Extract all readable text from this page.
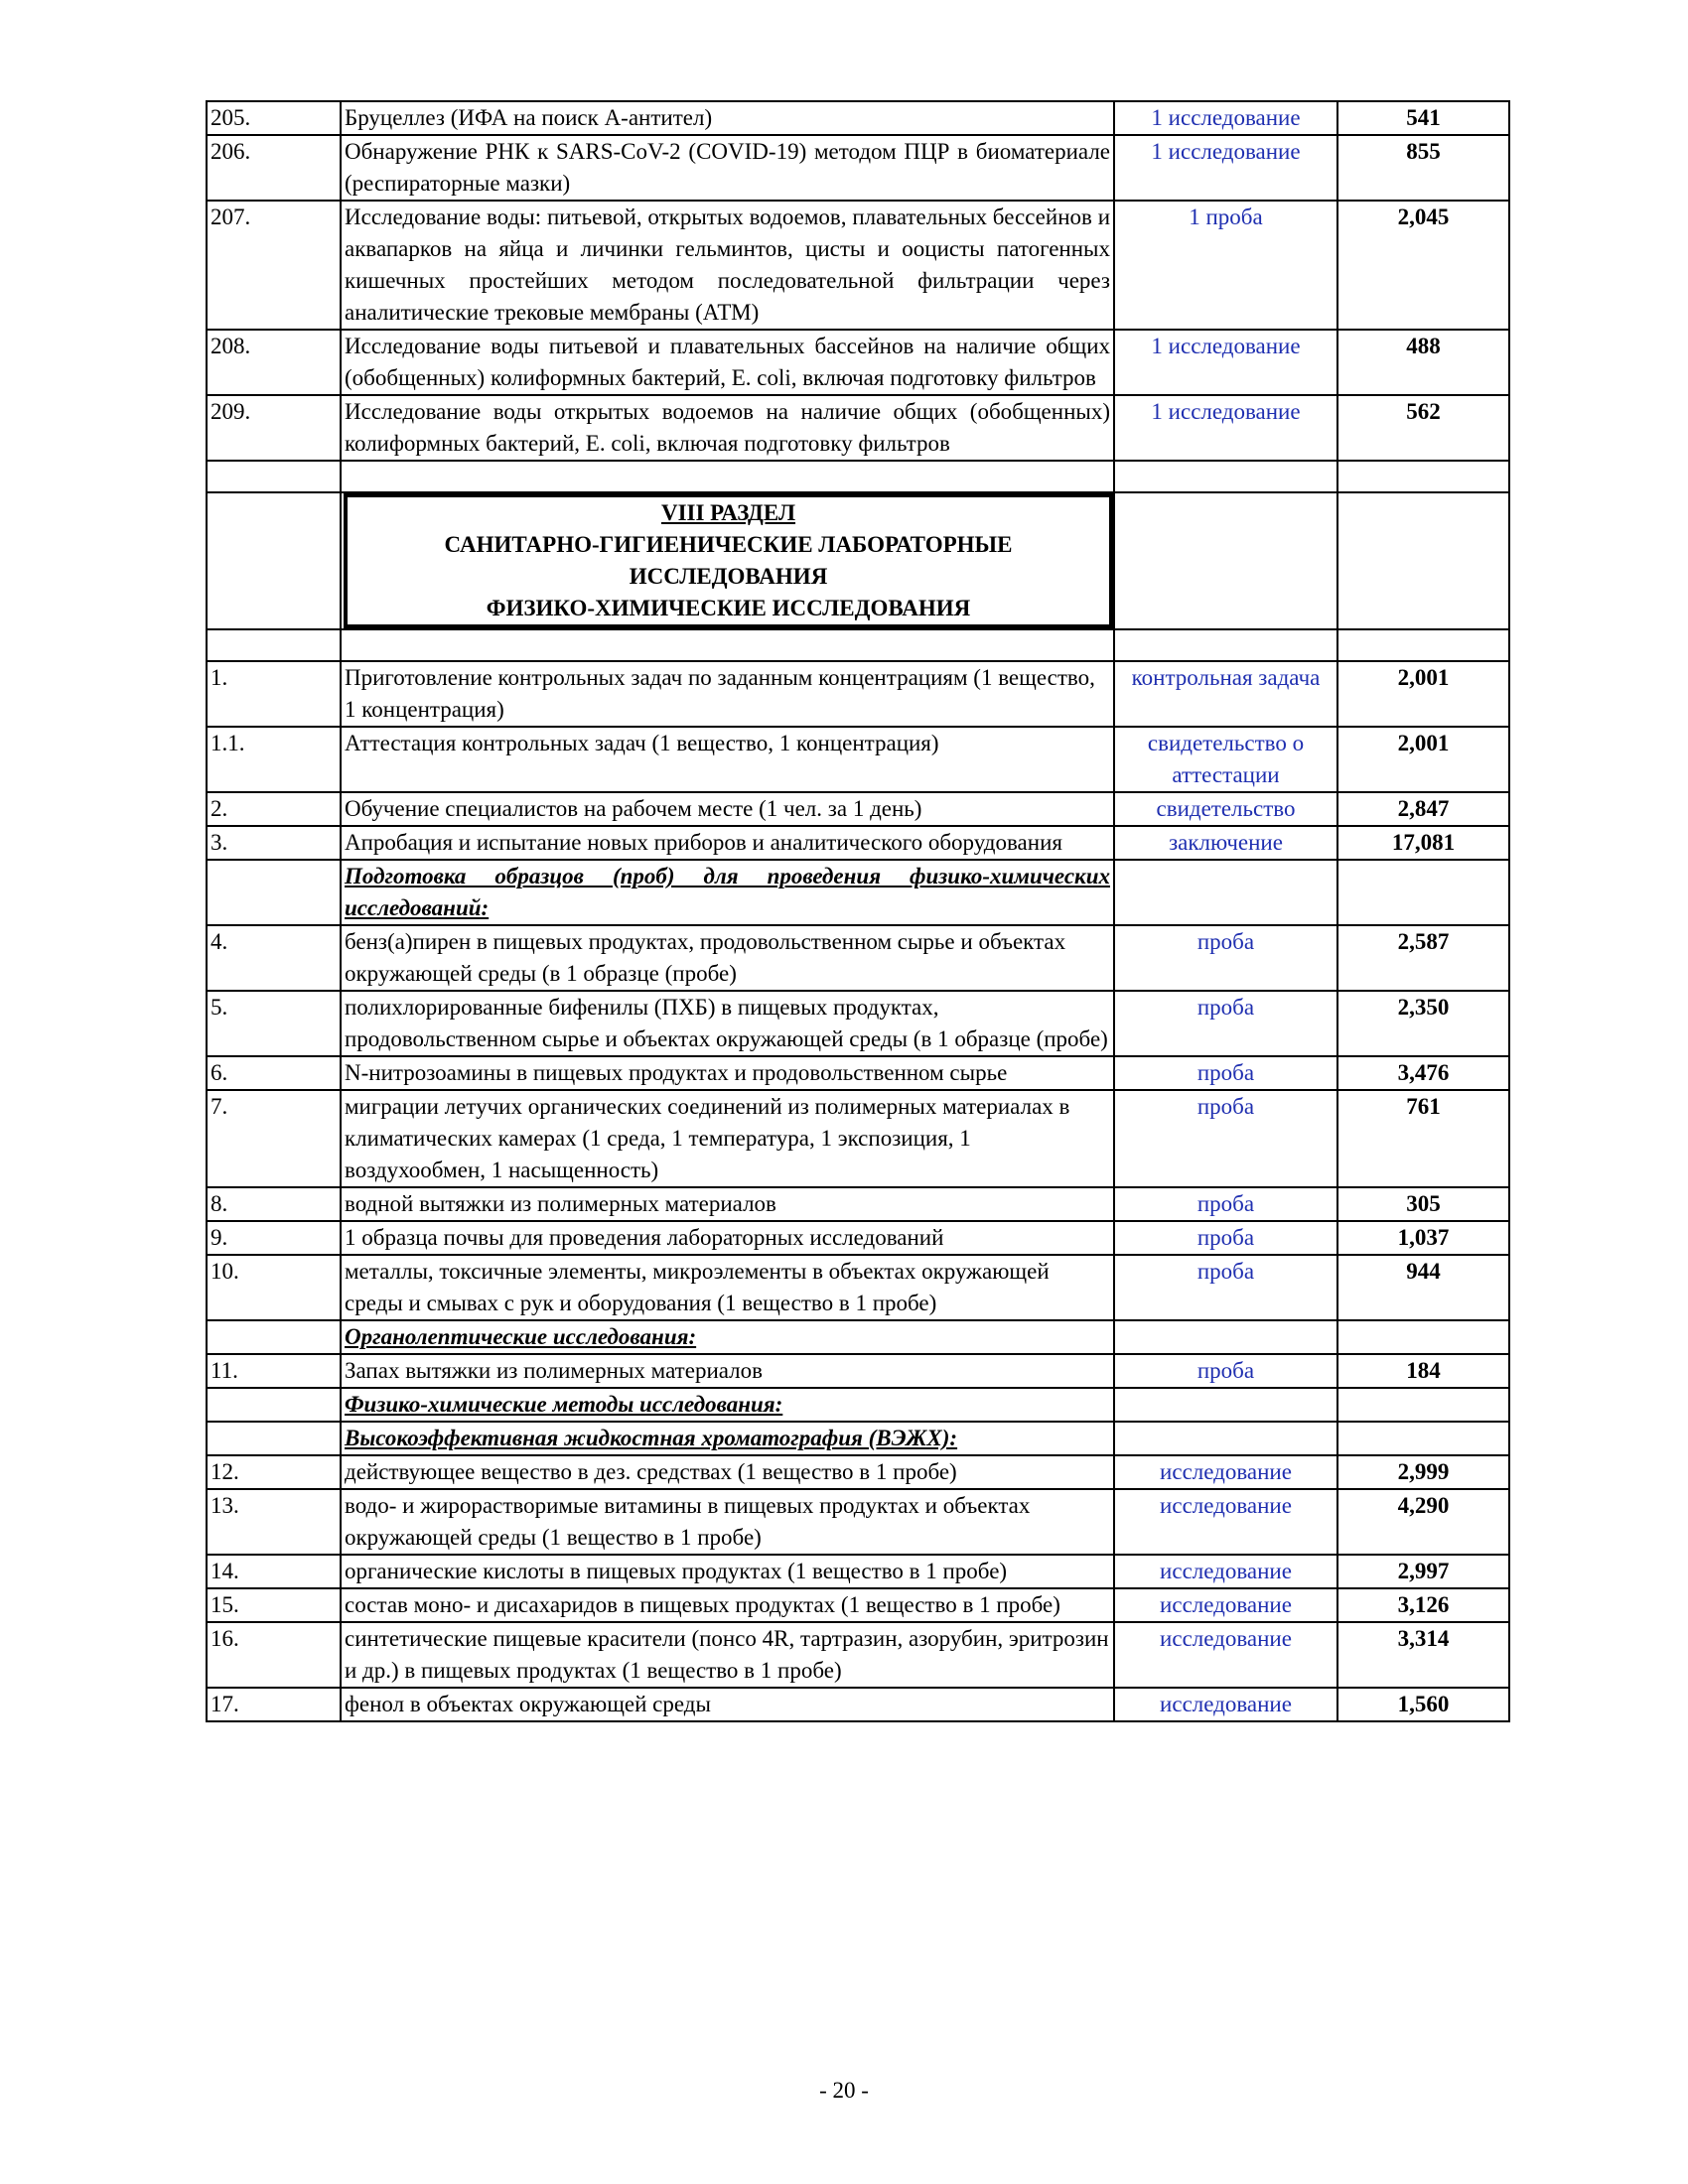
205.	Бруцеллез (ИФА на поиск А-антител)	1 исследование	541
206.	Обнаружение РНК к SARS-CoV-2 (COVID-19) методом ПЦР в биоматериале (респираторные мазки)	1 исследование	855
207.	Исследование воды: питьевой, открытых водоемов, плавательных бессейнов и аквапарков на яйца и личинки гельминтов, цисты и ооцисты патогенных кишечных простейших методом последовательной фильтрации через аналитические трековые мембраны (АТМ)	1 проба	2,045
208.	Исследование воды питьевой и плавательных бассейнов на наличие общих (обобщенных) колиформных бактерий, E. coli, включая подготовку фильтров	1 исследование	488
209.	Исследование воды открытых водоемов на наличие общих (обобщенных) колиформных бактерий, E. coli, включая подготовку фильтров	1 исследование	562

	VIII РАЗДЕЛ
САНИТАРНО-ГИГИЕНИЧЕСКИЕ ЛАБОРАТОРНЫЕ ИССЛЕДОВАНИЯ
ФИЗИКО-ХИМИЧЕСКИЕ ИССЛЕДОВАНИЯ		

1.	Приготовление контрольных задач по заданным концентрациям (1 вещество, 1 концентрация)	контрольная задача	2,001
1.1.	Аттестация контрольных задач (1 вещество, 1 концентрация)	свидетельство о аттестации	2,001
2.	Обучение специалистов на рабочем месте (1 чел. за 1 день)	свидетельство	2,847
3.	Апробация и испытание новых приборов и аналитического оборудования	заключение	17,081
	Подготовка образцов (проб) для проведения физико-химических исследований:		
4.	бенз(а)пирен в пищевых продуктах, продовольственном сырье и объектах окружающей среды (в 1 образце (пробе)	проба	2,587
5.	полихлорированные бифенилы (ПХБ) в пищевых продуктах, продовольственном сырье и объектах окружающей среды (в 1 образце (пробе)	проба	2,350
6.	N-нитрозоамины в пищевых продуктах и продовольственном сырье	проба	3,476
7.	миграции летучих органических соединений из полимерных материалах в климатических камерах (1 среда, 1 температура, 1 экспозиция, 1 воздухообмен, 1 насыщенность)	проба	761
8.	водной вытяжки из полимерных материалов	проба	305
9.	1 образца почвы для проведения лабораторных исследований	проба	1,037
10.	металлы, токсичные элементы, микроэлементы в объектах окружающей среды и смывах с рук и оборудования (1 вещество в 1 пробе)	проба	944
	Органолептические исследования:		
11.	Запах вытяжки из полимерных материалов	проба	184
	Физико-химические методы исследования:		
	Высокоэффективная жидкостная хроматография (ВЭЖХ):		
12.	действующее вещество в дез. средствах (1 вещество в 1 пробе)	исследование	2,999
13.	водо- и жирорастворимые витамины в пищевых продуктах и объектах окружающей среды (1 вещество в 1 пробе)	исследование	4,290
14.	органические кислоты в пищевых продуктах (1 вещество в 1 пробе)	исследование	2,997
15.	состав моно- и дисахаридов в пищевых продуктах (1 вещество в 1 пробе)	исследование	3,126
16.	синтетические пищевые красители (понсо 4R, тартразин, азорубин, эритрозин и др.) в пищевых продуктах (1 вещество в 1 пробе)	исследование	3,314
17.	фенол в объектах окружающей среды	исследование	1,560
- 20 -
